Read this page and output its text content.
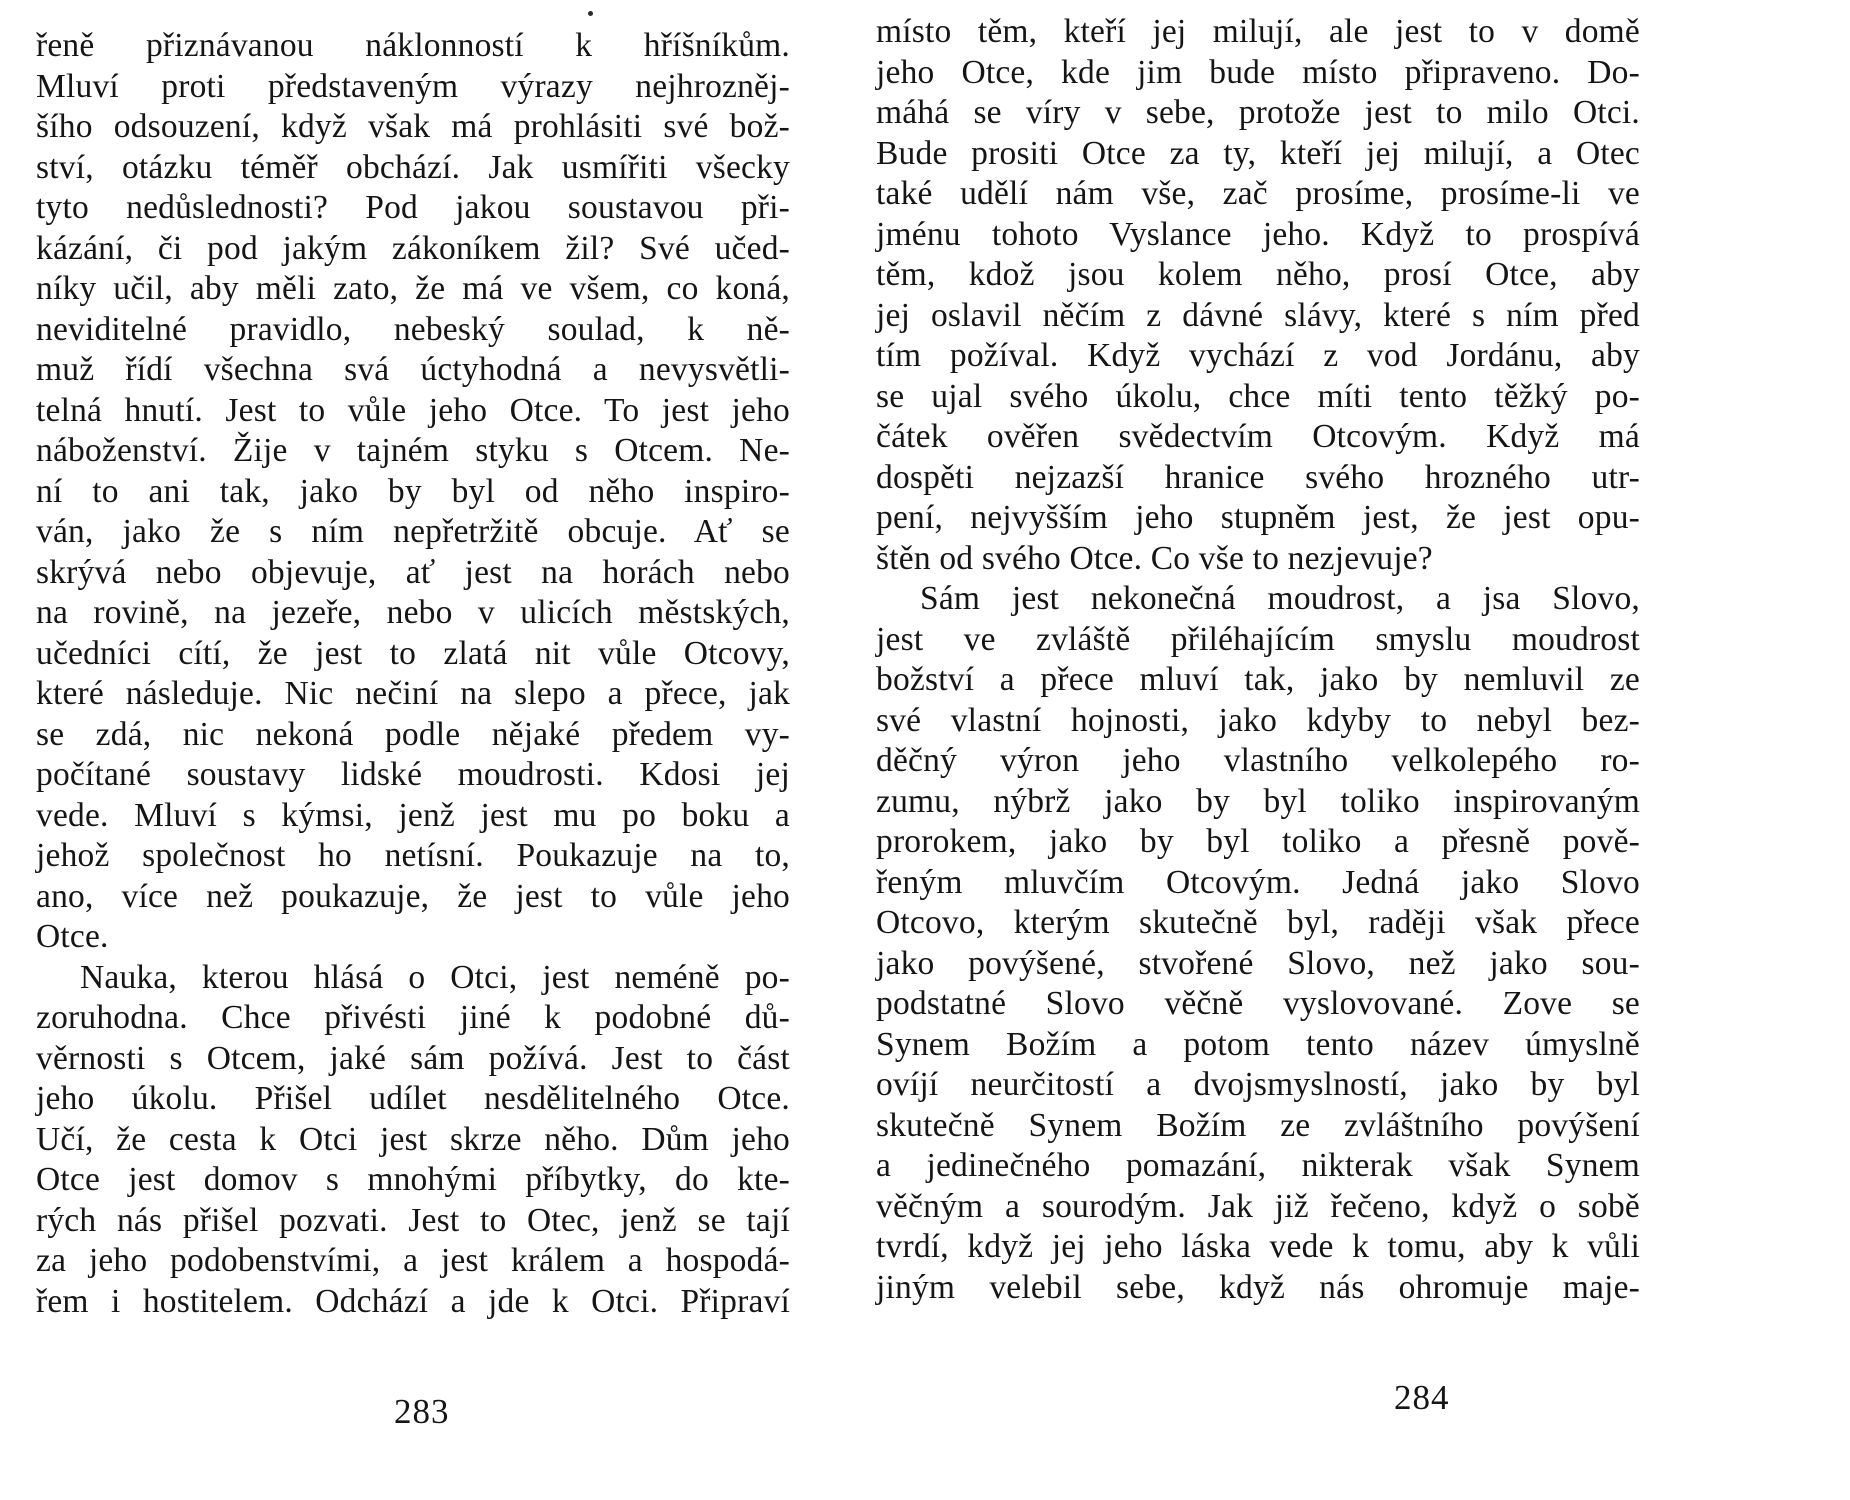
řeně přiznávanou náklonností k hříšníkům.
Mluví proti představeným výrazy nejhrozněj-
šího odsouzení, když však má prohlásiti své bož-
ství, otázku téměř obchází. Jak usmířiti všecky
tyto nedůslednosti? Pod jakou soustavou při-
kázání, či pod jakým zákoníkem žil? Své učed-
níky učil, aby měli zato, že má ve všem, co koná,
neviditelné pravidlo, nebeský soulad, k ně-
muž řídí všechna svá úctyhodná a nevysvětli-
telná hnutí. Jest to vůle jeho Otce. To jest jeho
náboženství. Žije v tajném styku s Otcem. Ne-
ní to ani tak, jako by byl od něho inspiro-
ván, jako že s ním nepřetržitě obcuje. Ať se
skrývá nebo objevuje, ať jest na horách nebo
na rovině, na jezeře, nebo v ulicích městských,
učedníci cítí, že jest to zlatá nit vůle Otcovy,
které následuje. Nic nečiní na slepo a přece, jak
se zdá, nic nekoná podle nějaké předem vy-
počítané soustavy lidské moudrosti. Kdosi jej
vede. Mluví s kýmsi, jenž jest mu po boku a
jehož společnost ho netísní. Poukazuje na to,
ano, více než poukazuje, že jest to vůle jeho
Otce.
Nauka, kterou hlásá o Otci, jest neméně po-
zoruhodna. Chce přivésti jiné k podobné dů-
věrnosti s Otcem, jaké sám požívá. Jest to část
jeho úkolu. Přišel udílet nesdělitelného Otce.
Učí, že cesta k Otci jest skrze něho. Dům jeho
Otce jest domov s mnohými příbytky, do kte-
rých nás přišel pozvati. Jest to Otec, jenž se tají
za jeho podobenstvími, a jest králem a hospodá-
řem i hostitelem. Odchází a jde k Otci. Připraví
místo těm, kteří jej milují, ale jest to v domě
jeho Otce, kde jim bude místo připraveno. Do-
máhá se víry v sebe, protože jest to milo Otci.
Bude prositi Otce za ty, kteří jej milují, a Otec
také udělí nám vše, zač prosíme, prosíme-li ve
jménu tohoto Vyslance jeho. Když to prospívá
těm, kdož jsou kolem něho, prosí Otce, aby
jej oslavil něčím z dávné slávy, které s ním před
tím požíval. Když vychází z vod Jordánu, aby
se ujal svého úkolu, chce míti tento těžký po-
čátek ověřen svědectvím Otcovým. Když má
dospěti nejzazší hranice svého hrozného utr-
pení, nejvyšším jeho stupněm jest, že jest opu-
štěn od svého Otce. Co vše to nezjevuje?
Sám jest nekonečná moudrost, a jsa Slovo,
jest ve zvláště přiléhajícím smyslu moudrost
božství a přece mluví tak, jako by nemluvil ze
své vlastní hojnosti, jako kdyby to nebyl bez-
děčný výron jeho vlastního velkolepého ro-
zumu, nýbrž jako by byl toliko inspirovaným
prorokem, jako by byl toliko a přesně pově-
řeným mluvčím Otcovým. Jedná jako Slovo
Otcovo, kterým skutečně byl, raději však přece
jako povýšené, stvořené Slovo, než jako sou-
podstatné Slovo věčně vyslovované. Zove se
Synem Božím a potom tento název úmyslně
ovíjí neurčitostí a dvojsmyslností, jako by byl
skutečně Synem Božím ze zvláštního povýšení
a jedinečného pomazání, nikterak však Synem
věčným a sourodým. Jak již řečeno, když o sobě
tvrdí, když jej jeho láska vede k tomu, aby k vůli
jiným velebil sebe, když nás ohromuje maje-
283	284
